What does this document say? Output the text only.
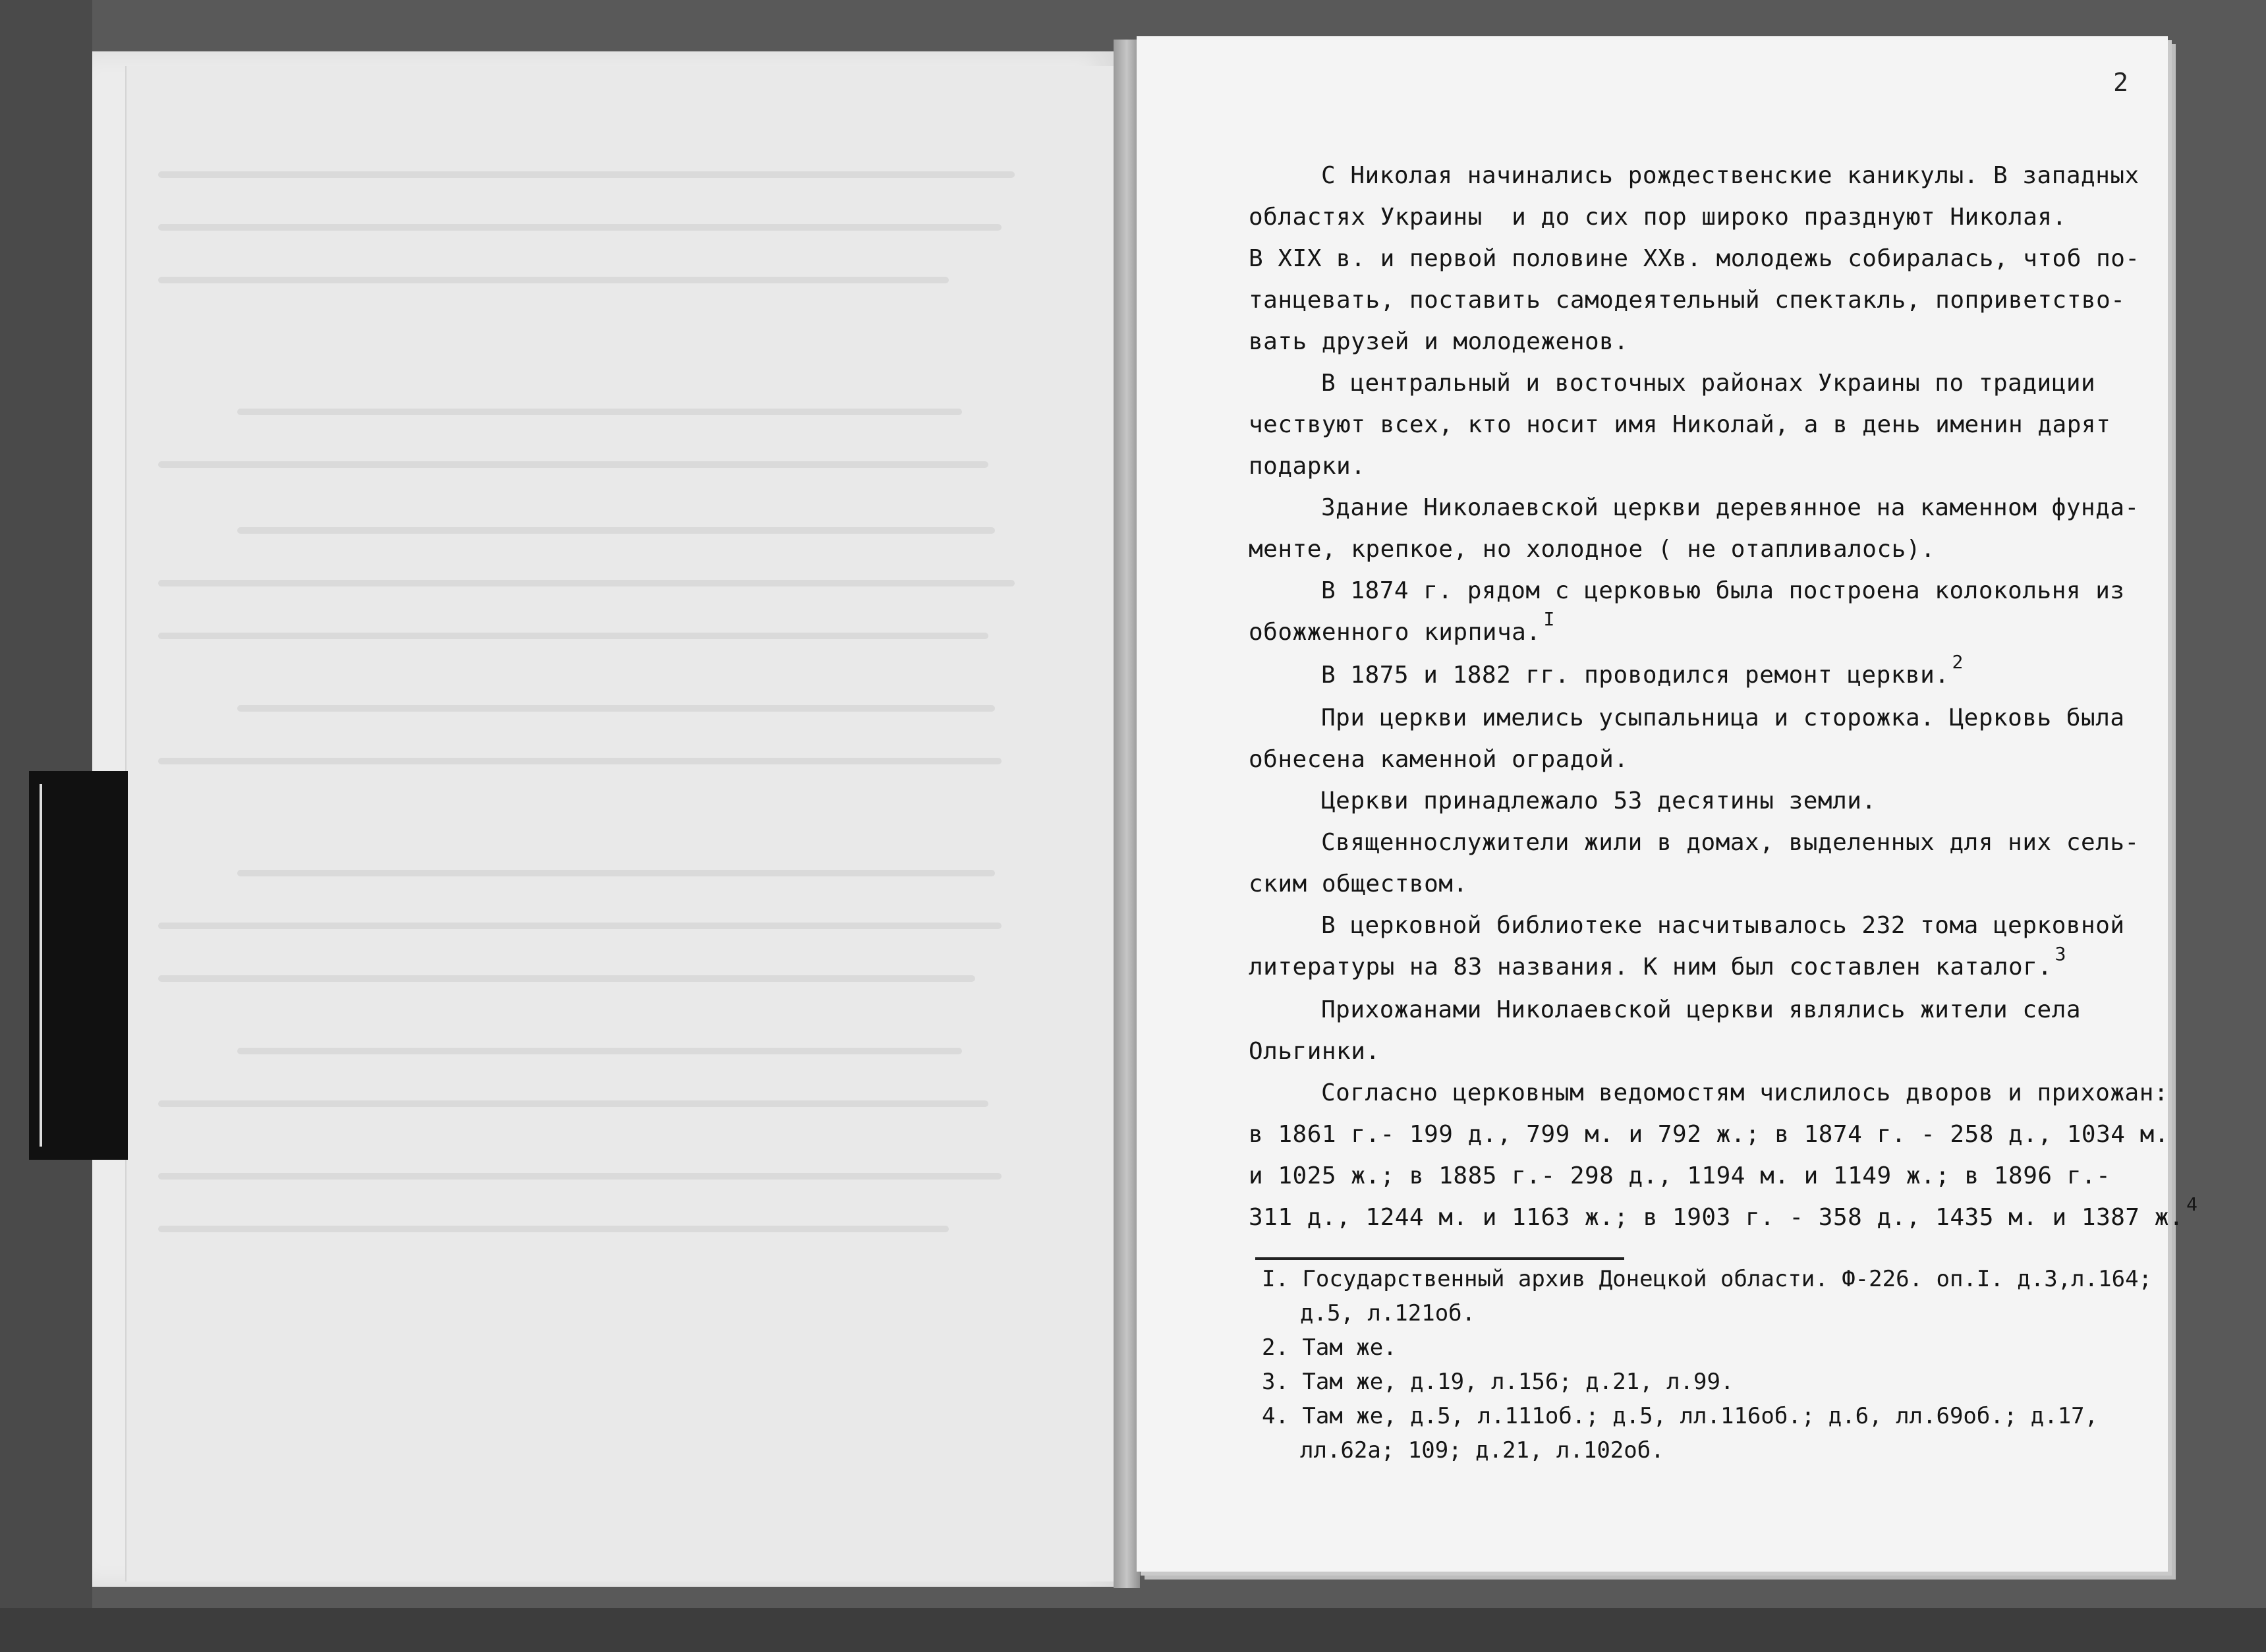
2
С Николая начинались рождественские каникулы. В западных
областях Украины  и до сих пор широко празднуют Николая.
В XIX в. и первой половине XXв. молодежь собиралась, чтоб по-
танцевать, поставить самодеятельный спектакль, поприветство-
вать друзей и молодеженов.
В центральный и восточных районах Украины по традиции
чествуют всех, кто носит имя Николай, а в день именин дарят
подарки.
Здание Николаевской церкви деревянное на каменном фунда-
менте, крепкое, но холодное ( не отапливалось).
В 1874 г. рядом с церковью была построена колокольня из
обожженного кирпича. $^I$
В 1875 и 1882 гг. проводился ремонт церкви. $^2$
При церкви имелись усыпальница и сторожка. Церковь была
обнесена каменной оградой.
Церкви принадлежало 53 десятины земли.
Священнослужители жили в домах, выделенных для них сель-
ским обществом.
В церковной библиотеке насчитывалось 232 тома церковной
литературы на 83 названия. К ним был составлен каталог. $^3$
Прихожанами Николаевской церкви являлись жители села
Ольгинки.
Согласно церковным ведомостям числилось дворов и прихожан:
в 1861 г.- 199 д., 799 м. и 792 ж.; в 1874 г. - 258 д., 1034 м.
и 1025 ж.; в 1885 г.- 298 д., 1194 м. и 1149 ж.; в 1896 г.-
311 д., 1244 м. и 1163 ж.; в 1903 г. - 358 д., 1435 м. и 1387 ж. $^4$
I. Государственный архив Донецкой области. Ф-226. оп.I. д.3,л.164;
д.5, л.121об.
2. Там же.
3. Там же, д.19, л.156; д.21, л.99.
4. Там же, д.5, л.111об.; д.5, лл.116об.; д.6, лл.69об.; д.17,
лл.62а; 109; д.21, л.102об.
